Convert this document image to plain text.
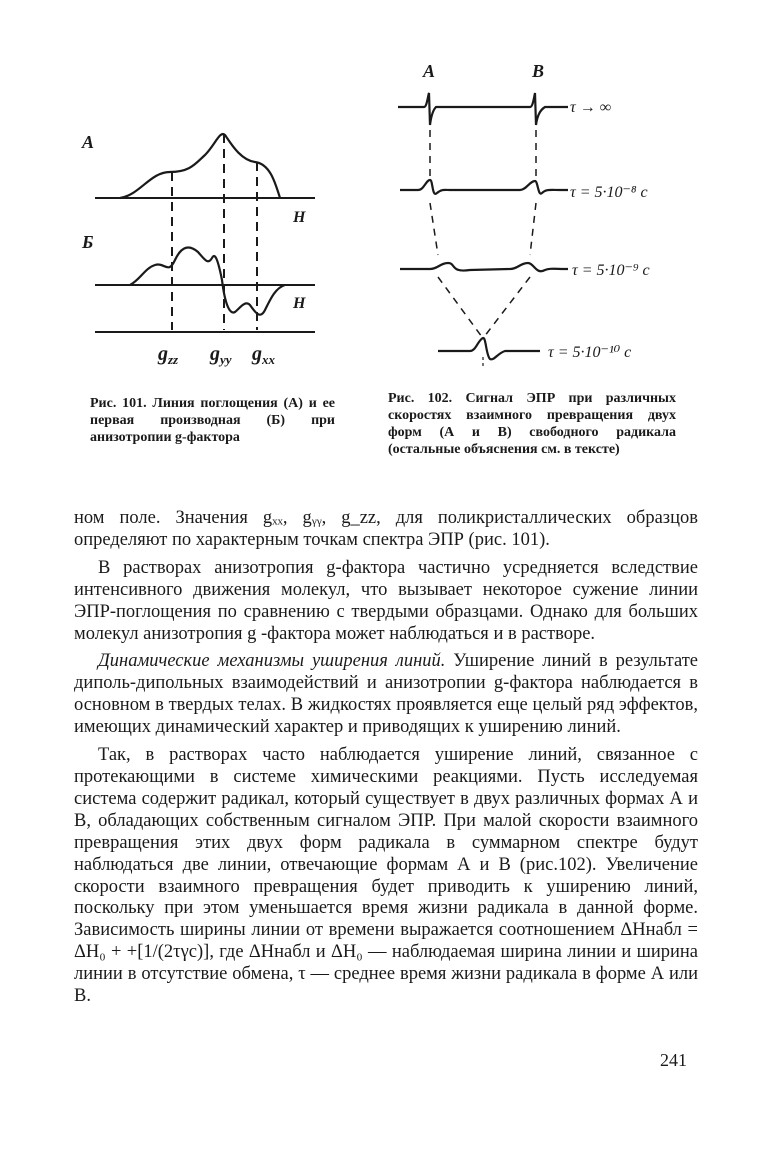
А
Б
Н
Н
$g_{zz}$ $g_{yy}$ $g_{xx}$
А	В
τ → ∞
τ = 5·10⁻⁸ с
τ = 5·10⁻⁹ с
τ = 5·10⁻¹⁰ с
Рис. 101. Линия поглощения (А) и ее первая производная (Б) при анизотропии g-фактора
Рис. 102. Сигнал ЭПР при различных скоростях взаимного превращения двух форм (А и В) свободного радикала (остальные объяснения см. в тексте)

ном поле. Значения gₓₓ, gᵧᵧ, g_zz, для поликристаллических образцов определяют по характерным точкам спектра ЭПР (рис. 101).

В растворах анизотропия g-фактора частично усредняется вследствие интенсивного движения молекул, что вызывает некоторое сужение линии ЭПР-поглощения по сравнению с твердыми образцами. Однако для больших молекул анизотропия g -фактора может наблюдаться и в растворе.

Динамические механизмы уширения линий. Уширение линий в результате диполь-дипольных взаимодействий и анизотропии g-фактора наблюдается в основном в твердых телах. В жидкостях проявляется еще целый ряд эффектов, имеющих динамический характер и приводящих к уширению линий.

Так, в растворах часто наблюдается уширение линий, связанное с протекающими в системе химическими реакциями. Пусть исследуемая система содержит радикал, который существует в двух различных формах А и В, обладающих собственным сигналом ЭПР. При малой скорости взаимного превращения этих двух форм радикала в суммарном спектре будут наблюдаться две линии, отвечающие формам А и В (рис.102). Увеличение скорости взаимного превращения будет приводить к уширению линий, поскольку при этом уменьшается время жизни радикала в данной форме. Зависимость ширины линии от времени выражается соотношением ΔHнабл = ΔH₀ + +[1/(2τγc)], где ΔHнабл и ΔH₀ — наблюдаемая ширина линии и ширина линии в отсутствие обмена, τ — среднее время жизни радикала в форме А или В.

241
